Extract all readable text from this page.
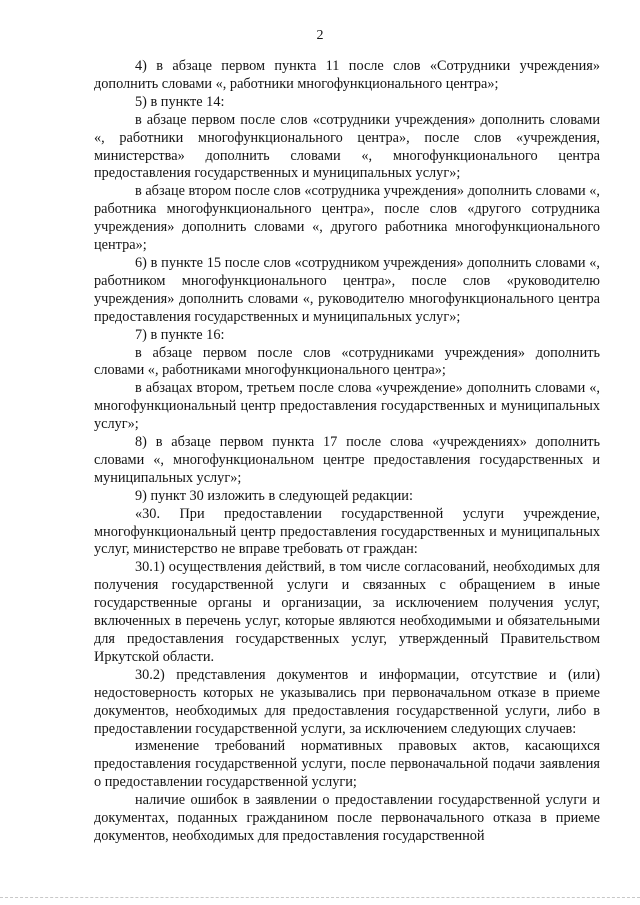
2

4) в абзаце первом пункта 11 после слов «Сотрудники учреждения» дополнить словами «, работники многофункционального центра»;

5) в пункте 14:

в абзаце первом после слов «сотрудники учреждения» дополнить словами «, работники многофункционального центра», после слов «учреждения, министерства» дополнить словами «, многофункционального центра предоставления государственных и муниципальных услуг»;

в абзаце втором после слов «сотрудника учреждения» дополнить словами «, работника многофункционального центра», после слов «другого сотрудника учреждения» дополнить словами «, другого работника многофункционального центра»;

6) в пункте 15 после слов «сотрудником учреждения» дополнить словами «, работником многофункционального центра», после слов «руководителю учреждения» дополнить словами «, руководителю многофункционального центра предоставления государственных и муниципальных услуг»;

7) в пункте 16:

в абзаце первом после слов «сотрудниками учреждения» дополнить словами «, работниками многофункционального центра»;

в абзацах втором, третьем после слова «учреждение» дополнить словами «, многофункциональный центр предоставления государственных и муниципальных услуг»;

8) в абзаце первом пункта 17 после слова «учреждениях» дополнить словами «, многофункциональном центре предоставления государственных и муниципальных услуг»;

9) пункт 30 изложить в следующей редакции:

«30. При предоставлении государственной услуги учреждение, многофункциональный центр предоставления государственных и муниципальных услуг, министерство не вправе требовать от граждан:

30.1) осуществления действий, в том числе согласований, необходимых для получения государственной услуги и связанных с обращением в иные государственные органы и организации, за исключением получения услуг, включенных в перечень услуг, которые являются необходимыми и обязательными для предоставления государственных услуг, утвержденный Правительством Иркутской области.

30.2) представления документов и информации, отсутствие и (или) недостоверность которых не указывались при первоначальном отказе в приеме документов, необходимых для предоставления государственной услуги, либо в предоставлении государственной услуги, за исключением следующих случаев:

изменение требований нормативных правовых актов, касающихся предоставления государственной услуги, после первоначальной подачи заявления о предоставлении государственной услуги;

наличие ошибок в заявлении о предоставлении государственной услуги и документах, поданных гражданином после первоначального отказа в приеме документов, необходимых для предоставления государственной
